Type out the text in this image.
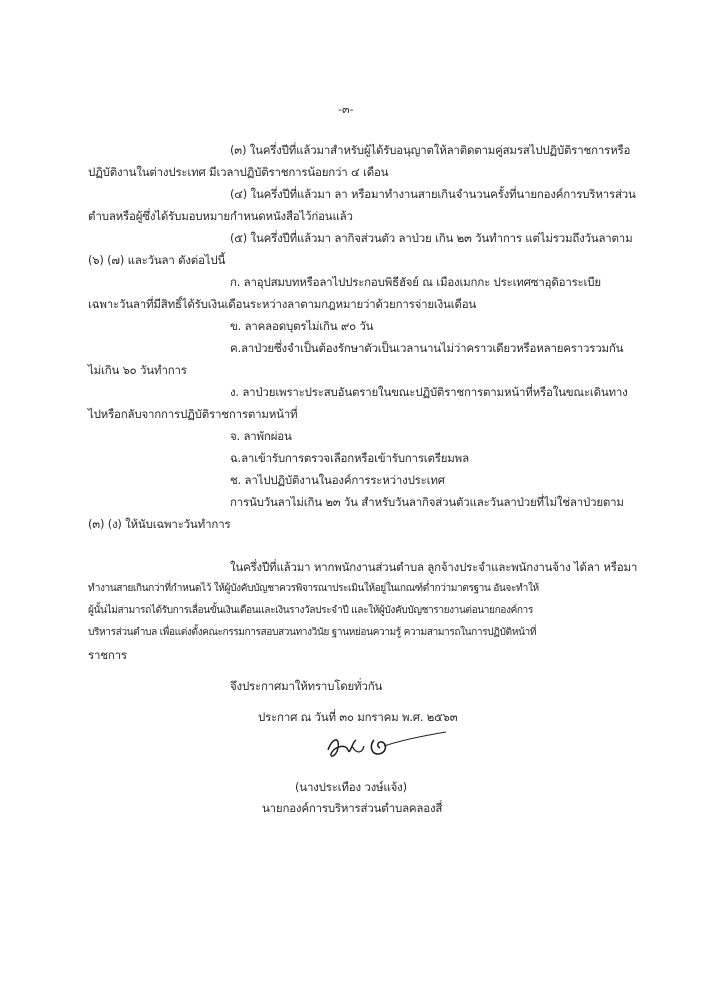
-๓-
(๓) ในครึ่งปีที่แล้วมาสำหรับผู้ได้รับอนุญาตให้ลาติดตามคู่สมรสไปปฏิบัติราชการหรือ
ปฏิบัติงานในต่างประเทศ มีเวลาปฏิบัติราชการน้อยกว่า ๔ เดือน
(๔) ในครึ่งปีที่แล้วมา ลา หรือมาทำงานสายเกินจำนวนครั้งที่นายกองค์การบริหารส่วน
ตำบลหรือผู้ซึ่งได้รับมอบหมายกำหนดหนังสือไว้ก่อนแล้ว
(๕) ในครึ่งปีที่แล้วมา ลากิจส่วนตัว ลาป่วย เกิน ๒๓ วันทำการ แต่ไม่รวมถึงวันลาตาม
(๖) (๗) และวันลา ดังต่อไปนี้
ก. ลาอุปสมบทหรือลาไปประกอบพิธีฮัจย์ ณ เมืองเมกกะ ประเทศซาอุดิอาระเบีย
เฉพาะวันลาที่มีสิทธิ์ได้รับเงินเดือนระหว่างลาตามกฎหมายว่าด้วยการจ่ายเงินเดือน
ข. ลาคลอดบุตรไม่เกิน ๙๐ วัน
ค.ลาป่วยซึ่งจำเป็นต้องรักษาตัวเป็นเวลานานไม่ว่าคราวเดียวหรือหลายคราวรวมกัน
ไม่เกิน ๖๐ วันทำการ
ง. ลาป่วยเพราะประสบอันตรายในขณะปฏิบัติราชการตามหน้าที่หรือในขณะเดินทาง
ไปหรือกลับจากการปฏิบัติราชการตามหน้าที่
จ. ลาพักผ่อน
ฉ.ลาเข้ารับการตรวจเลือกหรือเข้ารับการเตรียมพล
ช. ลาไปปฏิบัติงานในองค์การระหว่างประเทศ
การนับวันลาไม่เกิน ๒๓ วัน สำหรับวันลากิจส่วนตัวและวันลาป่วยที่ไม่ใช่ลาป่วยตาม
(๓) (ง) ให้นับเฉพาะวันทำการ
ในครึ่งปีที่แล้วมา หากพนักงานส่วนตำบล ลูกจ้างประจำและพนักงานจ้าง ได้ลา หรือมา
ทำงานสายเกินกว่าที่กำหนดไว้ ให้ผู้บังคับบัญชาควรพิจารณาประเมินให้อยู่ในเกณฑ์ต่ำกว่ามาตรฐาน อันจะทำให้
ผู้นั้นไม่สามารถได้รับการเลื่อนขั้นเงินเดือนและเงินรางวัลประจำปี และให้ผู้บังคับบัญชารายงานต่อนายกองค์การ
บริหารส่วนตำบล เพื่อแต่งตั้งคณะกรรมการสอบสวนทางวินัย ฐานหย่อนความรู้ ความสามารถในการปฏิบัติหน้าที่
ราชการ
จึงประกาศมาให้ทราบโดยทั่วกัน
ประกาศ ณ วันที่ ๓๐ มกราคม พ.ศ. ๒๕๖๓
(นางประเทือง วงษ์แจ้ง)
นายกองค์การบริหารส่วนตำบลคลองสี่
